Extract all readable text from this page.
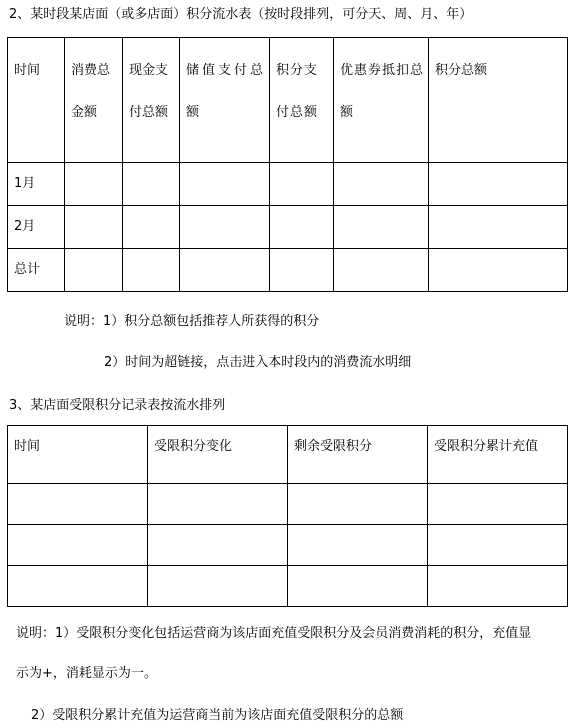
2、某时段某店面（或多店面）积分流水表（按时段排列，可分天、周、月、年）
时间	消费总金额	现金支付总额	储值支付总额	积分支付总额	优惠券抵扣总额	积分总额

1月						

2月						

总计						

说明：1）积分总额包括推荐人所获得的积分
2）时间为超链接，点击进入本时段内的消费流水明细
3、某店面受限积分记录表按流水排列
时间	受限积分变化	剩余受限积分	受限积分累计充值

说明：1）受限积分变化包括运营商为该店面充值受限积分及会员消费消耗的积分，充值显
示为+，消耗显示为一。
2）受限积分累计充值为运营商当前为该店面充值受限积分的总额
